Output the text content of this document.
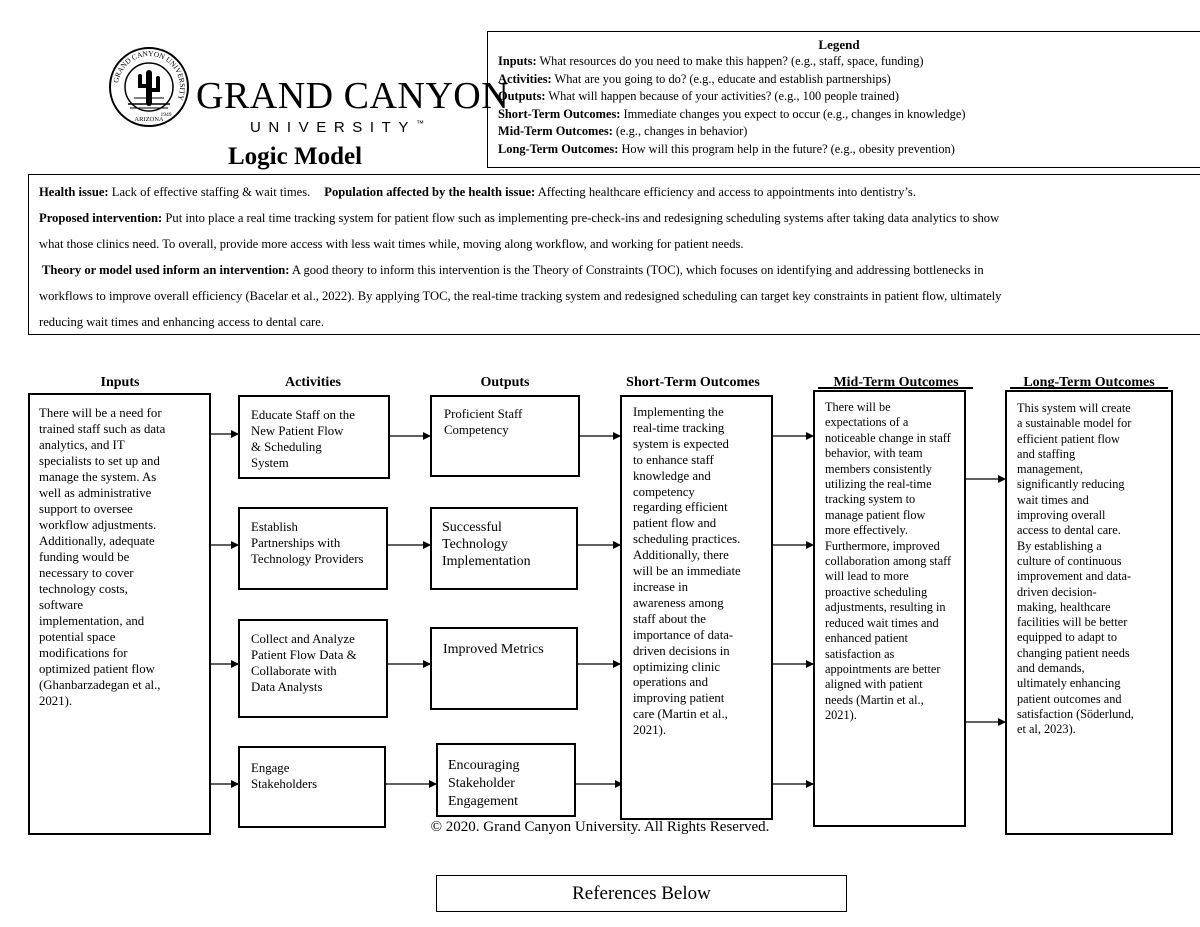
GRAND CANYON UNIVERSITY
ARIZONA
1949 GRAND CANYON
UNIVERSITY™
Logic Model
Legend
Inputs: What resources do you need to make this happen? (e.g., staff, space, funding)
Activities: What are you going to do? (e.g., educate and establish partnerships)
Outputs: What will happen because of your activities? (e.g., 100 people trained)
Short-Term Outcomes: Immediate changes you expect to occur (e.g., changes in knowledge)
Mid-Term Outcomes: (e.g., changes in behavior)
Long-Term Outcomes: How will this program help in the future? (e.g., obesity prevention)

Health issue: Lack of effective staffing & wait times. Population affected by the health issue: Affecting healthcare efficiency and access to appointments into dentistry’s.

Proposed intervention: Put into place a real time tracking system for patient flow such as implementing pre-check-ins and redesigning scheduling systems after taking data analytics to show

what those clinics need. To overall, provide more access with less wait times while, moving along workflow, and working for patient needs.

Theory or model used inform an intervention: A good theory to inform this intervention is the Theory of Constraints (TOC), which focuses on identifying and addressing bottlenecks in

workflows to improve overall efficiency (Bacelar et al., 2022). By applying TOC, the real-time tracking system and redesigned scheduling can target key constraints in patient flow, ultimately

reducing wait times and enhancing access to dental care.

Inputs	Activities	Outputs	Short-Term Outcomes	Mid-Term Outcomes	Long-Term Outcomes
There will be a need for
trained staff such as data
analytics, and IT
specialists to set up and
manage the system. As
well as administrative
support to oversee
workflow adjustments.
Additionally, adequate
funding would be
necessary to cover
technology costs,
software
implementation, and
potential space
modifications for
optimized patient flow
(Ghanbarzadegan et al.,
2021).
Educate Staff on the
New Patient Flow
& Scheduling
System
Establish
Partnerships with
Technology Providers
Collect and Analyze
Patient Flow Data &
Collaborate with
Data Analysts
Engage
Stakeholders
Proficient Staff
Competency
Successful
Technology
Implementation
Improved Metrics
Encouraging
Stakeholder
Engagement
Implementing the
real-time tracking
system is expected
to enhance staff
knowledge and
competency
regarding efficient
patient flow and
scheduling practices.
Additionally, there
will be an immediate
increase in
awareness among
staff about the
importance of data-
driven decisions in
optimizing clinic
operations and
improving patient
care (Martin et al.,
2021).
There will be
expectations of a
noticeable change in staff
behavior, with team
members consistently
utilizing the real-time
tracking system to
manage patient flow
more effectively.
Furthermore, improved
collaboration among staff
will lead to more
proactive scheduling
adjustments, resulting in
reduced wait times and
enhanced patient
satisfaction as
appointments are better
aligned with patient
needs (Martin et al.,
2021).
This system will create
a sustainable model for
efficient patient flow
and staffing
management,
significantly reducing
wait times and
improving overall
access to dental care.
By establishing a
culture of continuous
improvement and data-
driven decision-
making, healthcare
facilities will be better
equipped to adapt to
changing patient needs
and demands,
ultimately enhancing
patient outcomes and
satisfaction (Söderlund,
et al, 2023).
© 2020. Grand Canyon University. All Rights Reserved.
References Below
